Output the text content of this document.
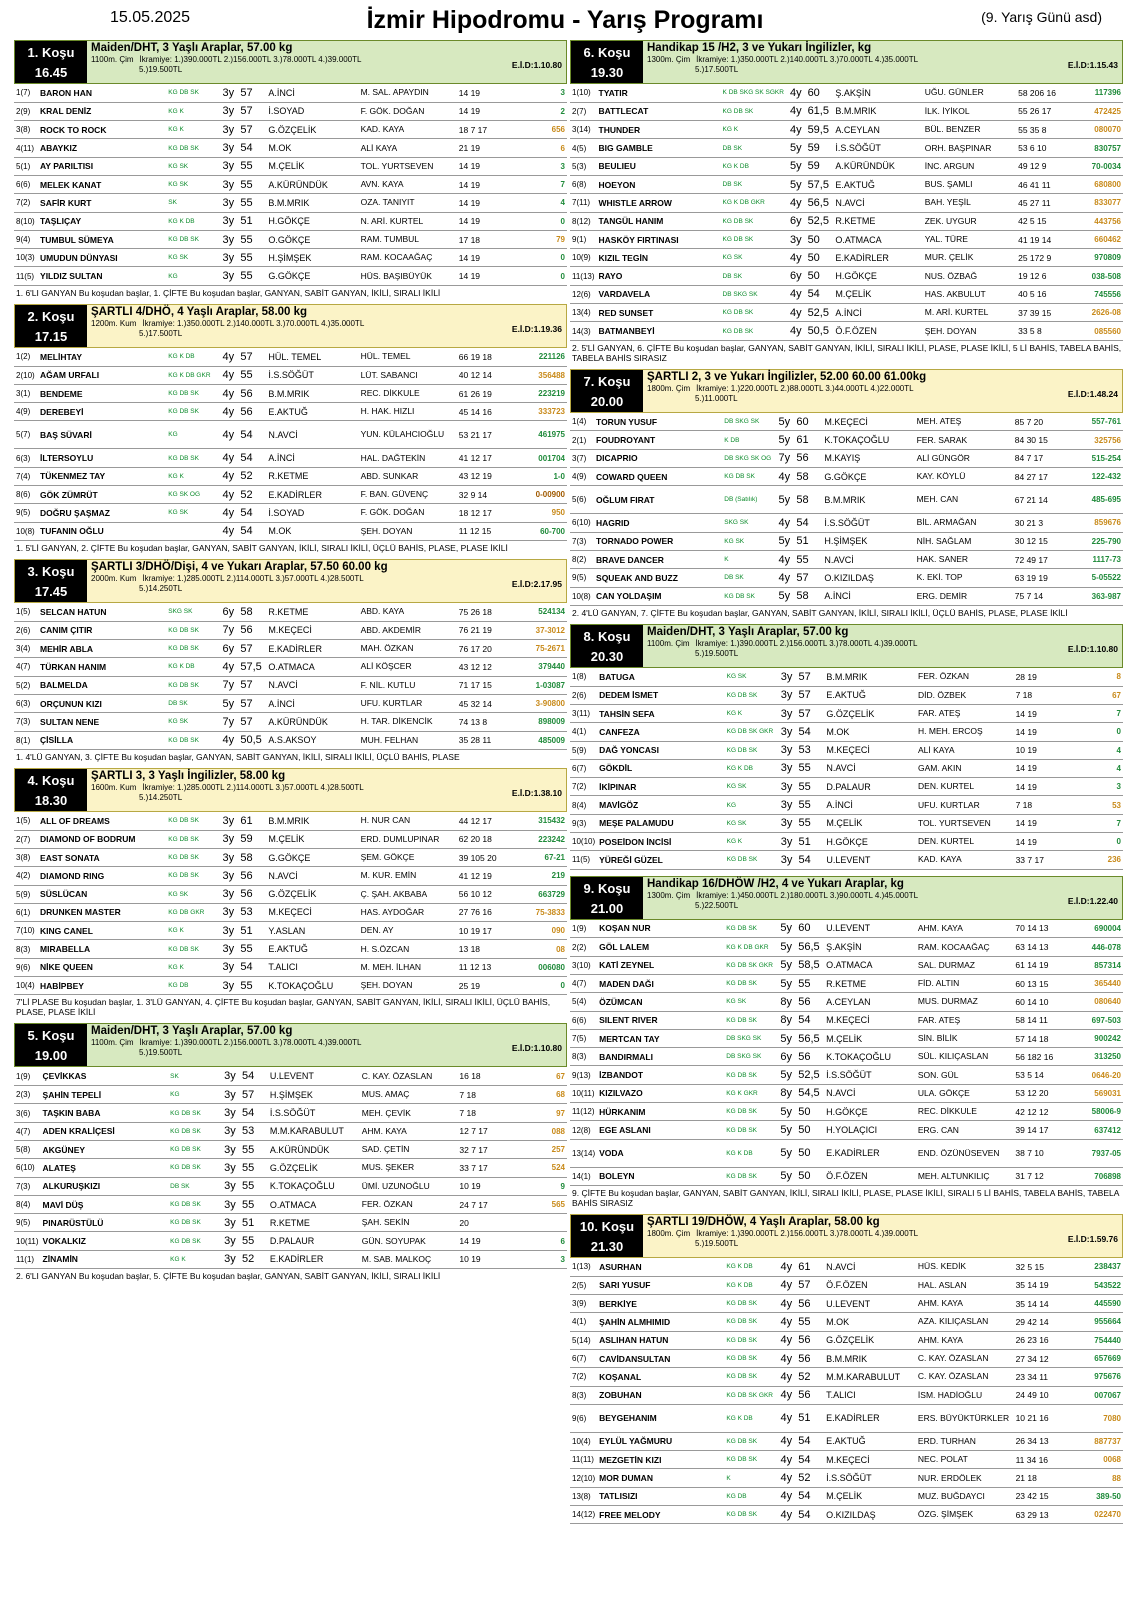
15.05.2025	İzmir Hipodromu - Yarış Programı	(9. Yarış Günü asd)
1. Koşu
16.45
Maiden/DHT, 3 Yaşlı Araplar, 57.00 kg
1100m. Çim İkramiye: 1.)390.000TL 2.)156.000TL 3.)78.000TL 4.)39.000TL
5.)19.500TL	E.İ.D:1.10.80
1(7)	BARON HAN	KG DB SK	3y	57	A.İNCİ	M. SAL. APAYDIN	14 19	3
2(9)	KRAL DENİZ	KG K	3y	57	İ.SOYAD	F. GÖK. DOĞAN	14 19	2
3(8)	ROCK TO ROCK	KG K	3y	57	G.ÖZÇELİK	KAD. KAYA	18 7 17	656
4(11)	ABAYKIZ	KG DB SK	3y	54	M.OK	ALİ KAYA	21 19	6
5(1)	AY PARILTISI	KG SK	3y	55	M.ÇELİK	TOL. YURTSEVEN	14 19	3
6(6)	MELEK KANAT	KG SK	3y	55	A.KÜRÜNDÜK	AVN. KAYA	14 19	7
7(2)	SAFİR KURT	SK	3y	55	B.M.MRIK	OZA. TANIYIT	14 19	4
8(10)	TAŞLIÇAY	KG K DB	3y	51	H.GÖKÇE	N. ARİ. KURTEL	14 19	0
9(4)	TUMBUL SÜMEYA	KG DB SK	3y	55	O.GÖKÇE	RAM. TUMBUL	17 18	79
10(3)	UMUDUN DÜNYASI	KG SK	3y	55	H.ŞİMŞEK	RAM. KOCAAĞAÇ	14 19	0
11(5)	YILDIZ SULTAN	KG	3y	55	G.GÖKÇE	HÜS. BAŞIBÜYÜK	14 19	0
1. 6'LI GANYAN Bu koşudan başlar, 1. ÇİFTE Bu koşudan başlar, GANYAN, SABİT GANYAN, İKİLİ, SIRALI İKİLİ
2. Koşu
17.15
ŞARTLI 4/DHÖ, 4 Yaşlı Araplar, 58.00 kg
1200m. Kum İkramiye: 1.)350.000TL 2.)140.000TL 3.)70.000TL 4.)35.000TL
5.)17.500TL	E.İ.D:1.19.36
1(2)	MELİHTAY	KG K DB	4y	57	HÜL. TEMEL	HÜL. TEMEL	66 19 18	221126
2(10)	AĞAM URFALI	KG K DB GKR	4y	55	İ.S.SÖĞÜT	LÜT. SABANCI	40 12 14	356488
3(1)	BENDEME	KG DB SK	4y	56	B.M.MRIK	REC. DİKKULE	61 26 19	223219
4(9)	DEREBEYİ	KG DB SK	4y	56	E.AKTUĞ	H. HAK. HIZLI	45 14 16	333723
5(7)	BAŞ SÜVARİ	KG	4y	54	N.AVCİ	YUN. KÜLAHCIOĞLU	53 21 17	461975
6(3)	İLTERSOYLU	KG DB SK	4y	54	A.İNCİ	HAL. DAĞTEKİN	41 12 17	001704
7(4)	TÜKENMEZ TAY	KG K	4y	52	R.KETME	ABD. SUNKAR	43 12 19	1-0
8(6)	GÖK ZÜMRÜT	KG SK OG	4y	52	E.KADİRLER	F. BAN. GÜVENÇ	32 9 14	0-00900
9(5)	DOĞRU ŞAŞMAZ	KG SK	4y	54	İ.SOYAD	F. GÖK. DOĞAN	18 12 17	950
10(8)	TUFANIN OĞLU		4y	54	M.OK	ŞEH. DOYAN	11 12 15	60-700
1. 5'Lİ GANYAN, 2. ÇİFTE Bu koşudan başlar, GANYAN, SABİT GANYAN, İKİLİ, SIRALI İKİLİ, ÜÇLÜ BAHİS, PLASE, PLASE İKİLİ
3. Koşu
17.45
ŞARTLI 3/DHÖ/Dişi, 4 ve Yukarı Araplar, 57.50 60.00 kg
2000m. Kum İkramiye: 1.)285.000TL 2.)114.000TL 3.)57.000TL 4.)28.500TL
5.)14.250TL	E.İ.D:2.17.95
1(5)	SELCAN HATUN	SKG SK	6y	58	R.KETME	ABD. KAYA	75 26 18	524134
2(6)	CANIM ÇITIR	KG DB SK	7y	56	M.KEÇECİ	ABD. AKDEMİR	76 21 19	37-3012
3(4)	MEHİR ABLA	KG DB SK	6y	57	E.KADİRLER	MAH. ÖZKAN	76 17 20	75-2671
4(7)	TÜRKAN HANIM	KG K DB	4y	57,5	O.ATMACA	ALİ KÖŞCER	43 12 12	379440
5(2)	BALMELDA	KG DB SK	7y	57	N.AVCİ	F. NİL. KUTLU	71 17 15	1-03087
6(3)	ORÇUNUN KIZI	DB SK	5y	57	A.İNCİ	UFU. KURTLAR	45 32 14	3-90800
7(3)	SULTAN NENE	KG SK	7y	57	A.KÜRÜNDÜK	H. TAR. DİKENCİK	74 13 8	898009
8(1)	ÇİSİLLA	KG DB SK	4y	50,5	A.S.AKSOY	MUH. FELHAN	35 28 11	485009
1. 4'LÜ GANYAN, 3. ÇİFTE Bu koşudan başlar, GANYAN, SABİT GANYAN, İKİLİ, SIRALI İKİLİ, ÜÇLÜ BAHİS, PLASE
4. Koşu
18.30
ŞARTLI 3, 3 Yaşlı İngilizler, 58.00 kg
1600m. Kum İkramiye: 1.)285.000TL 2.)114.000TL 3.)57.000TL 4.)28.500TL
5.)14.250TL	E.İ.D:1.38.10
1(5)	ALL OF DREAMS	KG DB SK	3y	61	B.M.MRIK	H. NUR CAN	44 12 17	315432
2(7)	DIAMOND OF BODRUM	KG DB SK	3y	59	M.ÇELİK	ERD. DUMLUPINAR	62 20 18	223242
3(8)	EAST SONATA	KG DB SK	3y	58	G.GÖKÇE	ŞEM. GÖKÇE	39 105 20	67-21
4(2)	DIAMOND RING	KG DB SK	3y	56	N.AVCİ	M. KUR. EMİN	41 12 19	219
5(9)	SÜSLÜCAN	KG SK	3y	56	G.ÖZÇELİK	Ç. ŞAH. AKBABA	56 10 12	663729
6(1)	DRUNKEN MASTER	KG DB GKR	3y	53	M.KEÇECİ	HAS. AYDOĞAR	27 76 16	75-3833
7(10)	KING CANEL	KG K	3y	51	Y.ASLAN	DEN. AY	10 19 17	090
8(3)	MIRABELLA	KG DB SK	3y	55	E.AKTUĞ	H. S.ÖZCAN	13 18	08
9(6)	NİKE QUEEN	KG K	3y	54	T.ALICI	M. MEH. İLHAN	11 12 13	006080
10(4)	HABİPBEY	KG DB	3y	55	K.TOKAÇOĞLU	ŞEH. DOYAN	25 19	0
7'Lİ PLASE Bu koşudan başlar, 1. 3'LÜ GANYAN, 4. ÇİFTE Bu koşudan başlar, GANYAN, SABİT GANYAN, İKİLİ, SIRALI İKİLİ, ÜÇLÜ BAHİS, PLASE, PLASE İKİLİ
5. Koşu
19.00
Maiden/DHT, 3 Yaşlı Araplar, 57.00 kg
1100m. Çim İkramiye: 1.)390.000TL 2.)156.000TL 3.)78.000TL 4.)39.000TL
5.)19.500TL	E.İ.D:1.10.80
1(9)	ÇEVİKKAS	SK	3y	54	U.LEVENT	C. KAY. ÖZASLAN	16 18	67
2(3)	ŞAHİN TEPELİ	KG	3y	57	H.ŞİMŞEK	MUS. AMAÇ	7 18	68
3(6)	TAŞKIN BABA	KG DB SK	3y	54	İ.S.SÖĞÜT	MEH. ÇEVİK	7 18	97
4(7)	ADEN KRALİÇESİ	KG DB SK	3y	53	M.M.KARABULUT	AHM. KAYA	12 7 17	088
5(8)	AKGÜNEY	KG DB SK	3y	55	A.KÜRÜNDÜK	SAD. ÇETİN	32 7 17	257
6(10)	ALATEŞ	KG DB SK	3y	55	G.ÖZÇELİK	MUS. ŞEKER	33 7 17	524
7(3)	ALKURUŞKIZI	DB SK	3y	55	K.TOKAÇOĞLU	ÜMİ. UZUNOĞLU	10 19	9
8(4)	MAVİ DÜŞ	KG DB SK	3y	55	O.ATMACA	FER. ÖZKAN	24 7 17	565
9(5)	PINARÜSTÜLÜ	KG DB SK	3y	51	R.KETME	ŞAH. SEKİN	20	
10(11)	VOKALKIZ	KG DB SK	3y	55	D.PALAUR	GÜN. SOYUPAK	14 19	6
11(1)	ZİNAMİN	KG K	3y	52	E.KADİRLER	M. SAB. MALKOÇ	10 19	3
2. 6'LI GANYAN Bu koşudan başlar, 5. ÇİFTE Bu koşudan başlar, GANYAN, SABİT GANYAN, İKİLİ, SIRALI İKİLİ
6. Koşu
19.30
Handikap 15 /H2, 3 ve Yukarı İngilizler, kg
1300m. Çim İkramiye: 1.)350.000TL 2.)140.000TL 3.)70.000TL 4.)35.000TL
5.)17.500TL	E.İ.D:1.15.43
1(10)	TYATIR	K DB SKG SK SGKR	4y	60	Ş.AKŞİN	UĞU. GÜNLER	58 206 16	117396
2(7)	BATTLECAT	KG DB SK	4y	61,5	B.M.MRIK	İLK. İYİKOL	55 26 17	472425
3(14)	THUNDER	KG K	4y	59,5	A.CEYLAN	BÜL. BENZER	55 35 8	080070
4(5)	BIG GAMBLE	DB SK	5y	59	İ.S.SÖĞÜT	ORH. BAŞPINAR	53 6 10	830757
5(3)	BEULIEU	KG K DB	5y	59	A.KÜRÜNDÜK	İNC. ARGUN	49 12 9	70-0034
6(8)	HOEYON	DB SK	5y	57,5	E.AKTUĞ	BUS. ŞAMLI	46 41 11	680800
7(11)	WHISTLE ARROW	KG K DB GKR	4y	56,5	N.AVCİ	BAH. YEŞİL	45 27 11	833077
8(12)	TANGÜL HANIM	KG DB SK	6y	52,5	R.KETME	ZEK. UYGUR	42 5 15	443756
9(1)	HASKÖY FIRTINASI	KG DB SK	3y	50	O.ATMACA	YAL. TÜRE	41 19 14	660462
10(9)	KIZIL TEGİN	KG SK	4y	50	E.KADİRLER	MUR. ÇELİK	25 172 9	970809
11(13)	RAYO	DB SK	6y	50	H.GÖKÇE	NUS. ÖZBAĞ	19 12 6	038-508
12(6)	VARDAVELA	DB SKG SK	4y	54	M.ÇELİK	HAS. AKBULUT	40 5 16	745556
13(4)	RED SUNSET	KG DB SK	4y	52,5	A.İNCİ	M. ARİ. KURTEL	37 39 15	2626-08
14(3)	BATMANBEYİ	KG DB SK	4y	50,5	Ö.F.ÖZEN	ŞEH. DOYAN	33 5 8	085560
2. 5'Lİ GANYAN, 6. ÇİFTE Bu koşudan başlar, GANYAN, SABİT GANYAN, İKİLİ, SIRALI İKİLİ, PLASE, PLASE İKİLİ, 5 Lİ BAHİS, TABELA BAHİS, TABELA BAHİS SIRASIZ
7. Koşu
20.00
ŞARTLI 2, 3 ve Yukarı İngilizler, 52.00 60.00 61.00kg
1800m. Çim İkramiye: 1.)220.000TL 2.)88.000TL 3.)44.000TL 4.)22.000TL
5.)11.000TL	E.İ.D:1.48.24
1(4)	TORUN YUSUF	DB SKG SK	5y	60	M.KEÇECİ	MEH. ATEŞ	85 7 20	557-761
2(1)	FOUDROYANT	K DB	5y	61	K.TOKAÇOĞLU	FER. SARAK	84 30 15	325756
3(7)	DICAPRIO	DB SKG SK OG	7y	56	M.KAYIŞ	ALİ GÜNGÖR	84 7 17	515-254
4(9)	COWARD QUEEN	KG DB SK	4y	58	G.GÖKÇE	KAY. KÖYLÜ	84 27 17	122-432
5(6)	OĞLUM FIRAT	DB (Satılık)	5y	58	B.M.MRIK	MEH. CAN	67 21 14	485-695
6(10)	HAGRID	SKG SK	4y	54	İ.S.SÖĞÜT	BİL. ARMAĞAN	30 21 3	859676
7(3)	TORNADO POWER	KG SK	5y	51	H.ŞİMŞEK	NİH. SAĞLAM	30 12 15	225-790
8(2)	BRAVE DANCER	K	4y	55	N.AVCİ	HAK. SANER	72 49 17	1117-73
9(5)	SQUEAK AND BUZZ	DB SK	4y	57	O.KIZILDAŞ	K. EKİ. TOP	63 19 19	5-05522
10(8)	CAN YOLDAŞIM	KG DB SK	5y	58	A.İNCİ	ERG. DEMİR	75 7 14	363-987
2. 4'LÜ GANYAN, 7. ÇİFTE Bu koşudan başlar, GANYAN, SABİT GANYAN, İKİLİ, SIRALI İKİLİ, ÜÇLÜ BAHİS, PLASE, PLASE İKİLİ
8. Koşu
20.30
Maiden/DHT, 3 Yaşlı Araplar, 57.00 kg
1100m. Çim İkramiye: 1.)390.000TL 2.)156.000TL 3.)78.000TL 4.)39.000TL
5.)19.500TL	E.İ.D:1.10.80
1(8)	BATUGA	KG SK	3y	57	B.M.MRIK	FER. ÖZKAN	28 19	8
2(6)	DEDEM İSMET	KG DB SK	3y	57	E.AKTUĞ	DİD. ÖZBEK	7 18	67
3(11)	TAHSİN SEFA	KG K	3y	57	G.ÖZÇELİK	FAR. ATEŞ	14 19	7
4(1)	CANFEZA	KG DB SK GKR	3y	54	M.OK	H. MEH. ERCOŞ	14 19	0
5(9)	DAĞ YONCASI	KG DB SK	3y	53	M.KEÇECİ	ALİ KAYA	10 19	4
6(7)	GÖKDİL	KG K DB	3y	55	N.AVCİ	GAM. AKIN	14 19	4
7(2)	İKİPINAR	KG SK	3y	55	D.PALAUR	DEN. KURTEL	14 19	3
8(4)	MAVİGÖZ	KG	3y	55	A.İNCİ	UFU. KURTLAR	7 18	53
9(3)	MEŞE PALAMUDU	KG SK	3y	55	M.ÇELİK	TOL. YURTSEVEN	14 19	7
10(10)	POSEİDON İNCİSİ	KG K	3y	51	H.GÖKÇE	DEN. KURTEL	14 19	0
11(5)	YÜREĞİ GÜZEL	KG DB SK	3y	54	U.LEVENT	KAD. KAYA	33 7 17	236
9. Koşu
21.00
Handikap 16/DHÖW /H2, 4 ve Yukarı Araplar, kg
1300m. Çim İkramiye: 1.)450.000TL 2.)180.000TL 3.)90.000TL 4.)45.000TL
5.)22.500TL	E.İ.D:1.22.40
1(9)	KOŞAN NUR	KG DB SK	5y	60	U.LEVENT	AHM. KAYA	70 14 13	690004
2(2)	GÖL LALEM	KG K DB GKR	5y	56,5	Ş.AKŞİN	RAM. KOCAAĞAÇ	63 14 13	446-078
3(10)	KATİ ZEYNEL	KG DB SK GKR	5y	58,5	O.ATMACA	SAL. DURMAZ	61 14 19	857314
4(7)	MADEN DAĞI	KG DB SK	5y	55	R.KETME	FİD. ALTIN	60 13 15	365440
5(4)	ÖZÜMCAN	KG SK	8y	56	A.CEYLAN	MUS. DURMAZ	60 14 10	080640
6(6)	SILENT RIVER	KG DB SK	8y	54	M.KEÇECİ	FAR. ATEŞ	58 14 11	697-503
7(5)	MERTCAN TAY	DB SKG SK	5y	56,5	M.ÇELİK	SİN. BİLİK	57 14 18	900242
8(3)	BANDIRMALI	DB SKG SK	6y	56	K.TOKAÇOĞLU	SÜL. KILIÇASLAN	56 182 16	313250
9(13)	İZBANDOT	KG DB SK	5y	52,5	İ.S.SÖĞÜT	SON. GÜL	53 5 14	0646-20
10(11)	KIZILVAZO	KG K GKR	8y	54,5	N.AVCİ	ULA. GÖKÇE	53 12 20	569031
11(12)	HÜRKANIM	KG DB SK	5y	50	H.GÖKÇE	REC. DİKKULE	42 12 12	58006-9
12(8)	EGE ASLANI	KG DB SK	5y	50	H.YOLAÇICI	ERG. CAN	39 14 17	637412
13(14)	VODA	KG K DB	5y	50	E.KADİRLER	END. ÖZÜNÜSEVEN	38 7 10	7937-05
14(1)	BOLEYN	KG DB SK	5y	50	Ö.F.ÖZEN	MEH. ALTUNKILIÇ	31 7 12	706898
9. ÇİFTE Bu koşudan başlar, GANYAN, SABİT GANYAN, İKİLİ, SIRALI İKİLİ, PLASE, PLASE İKİLİ, SIRALI 5 Lİ BAHİS, TABELA BAHİS, TABELA BAHİS SIRASIZ
10. Koşu
21.30
ŞARTLI 19/DHÖW, 4 Yaşlı Araplar, 58.00 kg
1800m. Çim İkramiye: 1.)390.000TL 2.)156.000TL 3.)78.000TL 4.)39.000TL
5.)19.500TL	E.İ.D:1.59.76
1(13)	ASURHAN	KG K DB	4y	61	N.AVCİ	HÜS. KEDİK	32 5 15	238437
2(5)	SARI YUSUF	KG K DB	4y	57	Ö.F.ÖZEN	HAL. ASLAN	35 14 19	543522
3(9)	BERKİYE	KG DB SK	4y	56	U.LEVENT	AHM. KAYA	35 14 14	445590
4(1)	ŞAHİN ALMHIMID	KG DB SK	4y	55	M.OK	AZA. KILIÇASLAN	29 42 14	955664
5(14)	ASLIHAN HATUN	KG DB SK	4y	56	G.ÖZÇELİK	AHM. KAYA	26 23 16	754440
6(7)	CAVİDANSULTAN	KG DB SK	4y	56	B.M.MRIK	C. KAY. ÖZASLAN	27 34 12	657669
7(2)	KOŞANAL	KG DB SK	4y	52	M.M.KARABULUT	C. KAY. ÖZASLAN	23 34 11	975676
8(3)	ZOBUHAN	KG DB SK GKR	4y	56	T.ALICI	İSM. HADİOĞLU	24 49 10	007067
9(6)	BEYGEHANIM	KG K DB	4y	51	E.KADİRLER	ERS. BÜYÜKTÜRKLER	10 21 16	7080
10(4)	EYLÜL YAĞMURU	KG DB SK	4y	54	E.AKTUĞ	ERD. TURHAN	26 34 13	887737
11(11)	MEZGETİN KIZI	KG DB SK	4y	54	M.KEÇECİ	NEC. POLAT	11 34 16	0068
12(10)	MOR DUMAN	K	4y	52	İ.S.SÖĞÜT	NUR. ERDÖLEK	21 18	88
13(8)	TATLISIZI	KG DB	4y	54	M.ÇELİK	MUZ. BUĞDAYCI	23 42 15	389-50
14(12)	FREE MELODY	KG DB SK	4y	54	O.KIZILDAŞ	ÖZG. ŞİMŞEK	63 29 13	022470
